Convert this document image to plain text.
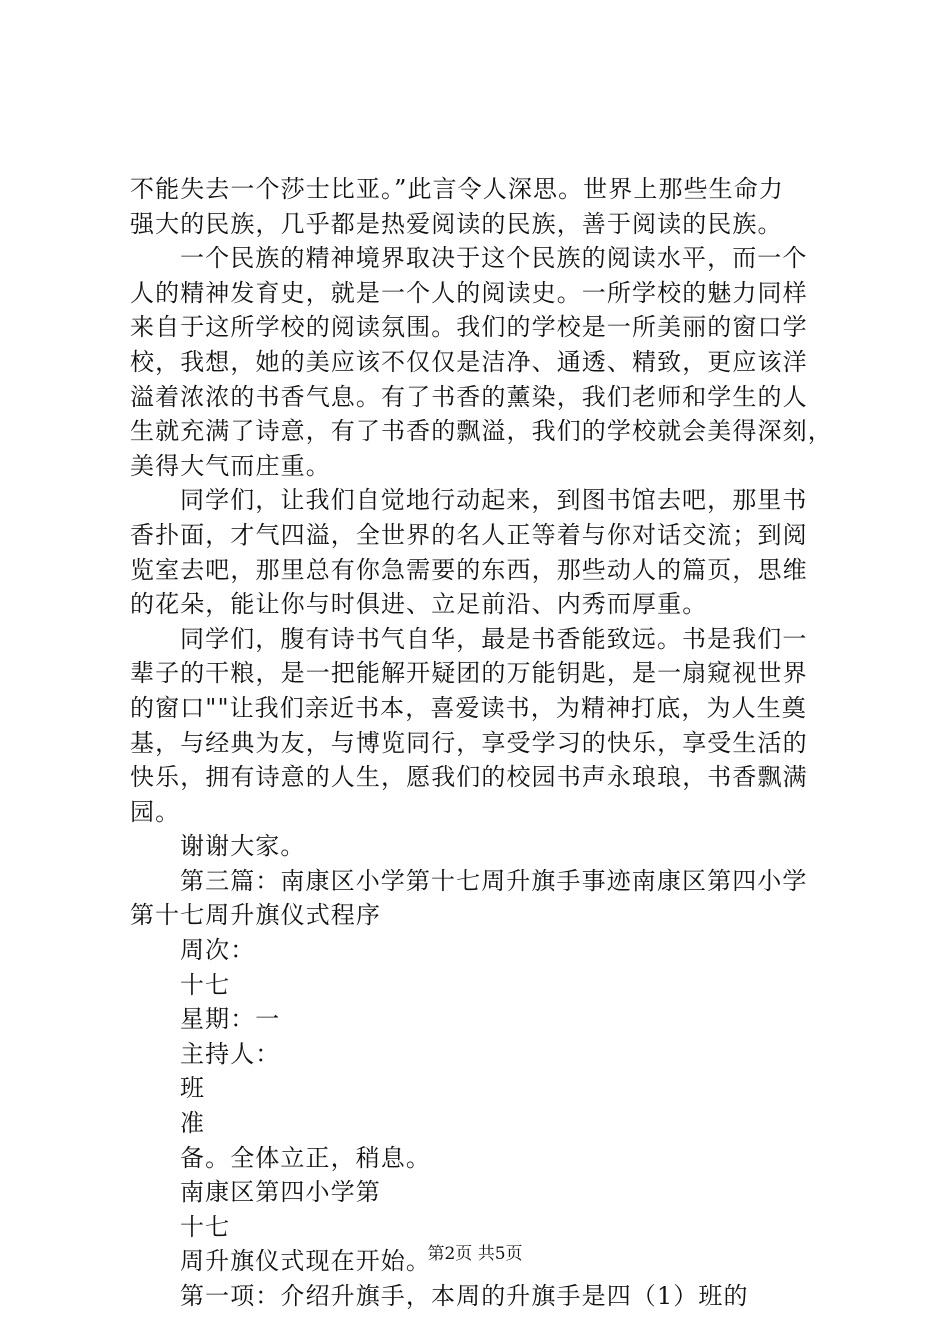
不能失去一个莎士比亚。”此言令人深思。世界上那些生命力
强大的民族，几乎都是热爱阅读的民族，善于阅读的民族。
一个民族的精神境界取决于这个民族的阅读水平，而一个
人的精神发育史，就是一个人的阅读史。一所学校的魅力同样
来自于这所学校的阅读氛围。我们的学校是一所美丽的窗口学
校，我想，她的美应该不仅仅是洁净、通透、精致，更应该洋
溢着浓浓的书香气息。有了书香的薰染，我们老师和学生的人
生就充满了诗意，有了书香的飘溢，我们的学校就会美得深刻，
美得大气而庄重。
同学们，让我们自觉地行动起来，到图书馆去吧，那里书
香扑面，才气四溢，全世界的名人正等着与你对话交流；到阅
览室去吧，那里总有你急需要的东西，那些动人的篇页，思维
的花朵，能让你与时俱进、立足前沿、内秀而厚重。
同学们，腹有诗书气自华，最是书香能致远。书是我们一
辈子的干粮，是一把能解开疑团的万能钥匙，是一扇窥视世界
的窗口""让我们亲近书本，喜爱读书，为精神打底，为人生奠
基，与经典为友，与博览同行，享受学习的快乐，享受生活的
快乐，拥有诗意的人生，愿我们的校园书声永琅琅，书香飘满
园。
谢谢大家。
第三篇：南康区小学第十七周升旗手事迹南康区第四小学
第十七周升旗仪式程序
周次：
十七
星期：一
主持人：
班
准
备。全体立正，稍息。
南康区第四小学第
十七
周升旗仪式现在开始。
第一项：介绍升旗手，本周的升旗手是四（1）班的
第2页 共5页
